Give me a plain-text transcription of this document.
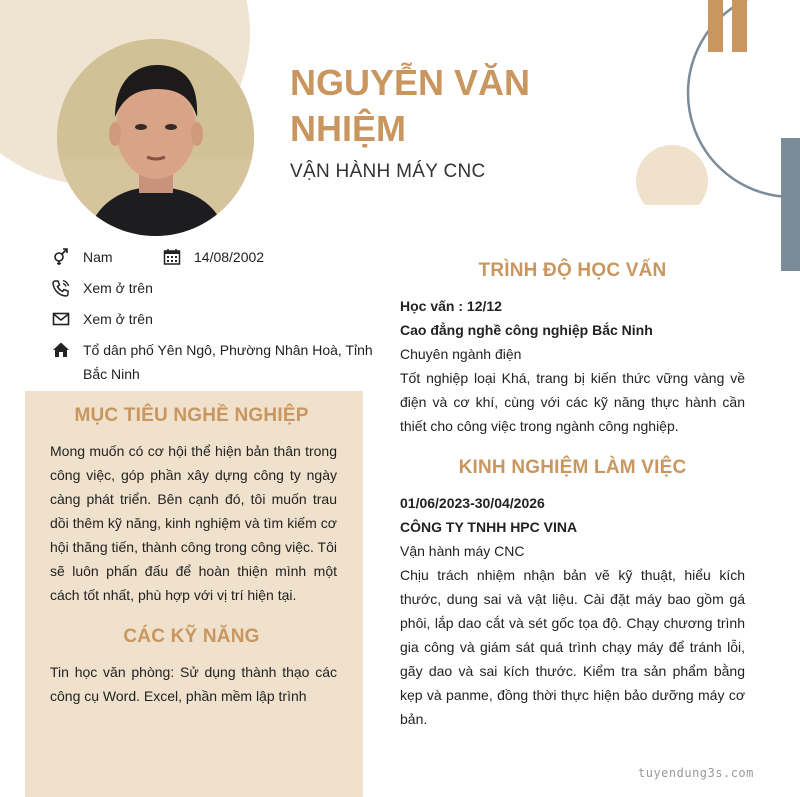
NGUYỄN VĂN NHIỆM
VẬN HÀNH MÁY CNC
Nam	14/08/2002
Xem ở trên
Xem ở trên
Tổ dân phố Yên Ngô, Phường Nhân Hoà, Tỉnh Bắc Ninh
MỤC TIÊU NGHỀ NGHIỆP
Mong muốn có cơ hội thể hiện bản thân trong công việc, góp phần xây dựng công ty ngày càng phát triển. Bên cạnh đó, tôi muốn trau dồi thêm kỹ năng, kinh nghiệm và tìm kiếm cơ hội thăng tiến, thành công trong công việc. Tôi sẽ luôn phấn đấu để hoàn thiện mình một cách tốt nhất, phù hợp với vị trí hiện tại.
CÁC KỸ NĂNG
Tin học văn phòng: Sử dụng thành thạo các công cụ Word. Excel, phần mềm lập trình
TRÌNH ĐỘ HỌC VẤN
Học vấn : 12/12
Cao đẳng nghề công nghiệp Bắc Ninh
Chuyên ngành điện
Tốt nghiệp loại Khá, trang bị kiến thức vững vàng về điện và cơ khí, cùng với các kỹ năng thực hành cần thiết cho công việc trong ngành công nghiệp.
KINH NGHIỆM LÀM VIỆC
01/06/2023-30/04/2026
CÔNG TY TNHH HPC VINA
Vận hành máy CNC
Chịu trách nhiệm nhận bản vẽ kỹ thuật, hiểu kích thước, dung sai và vật liệu. Cài đặt máy bao gồm gá phôi, lắp dao cắt và sét gốc tọa độ. Chạy chương trình gia công và giám sát quá trình chạy máy để tránh lỗi, gãy dao và sai kích thước. Kiểm tra sản phẩm bằng kẹp và panme, đồng thời thực hiện bảo dưỡng máy cơ bản.
tuyendung3s.com
